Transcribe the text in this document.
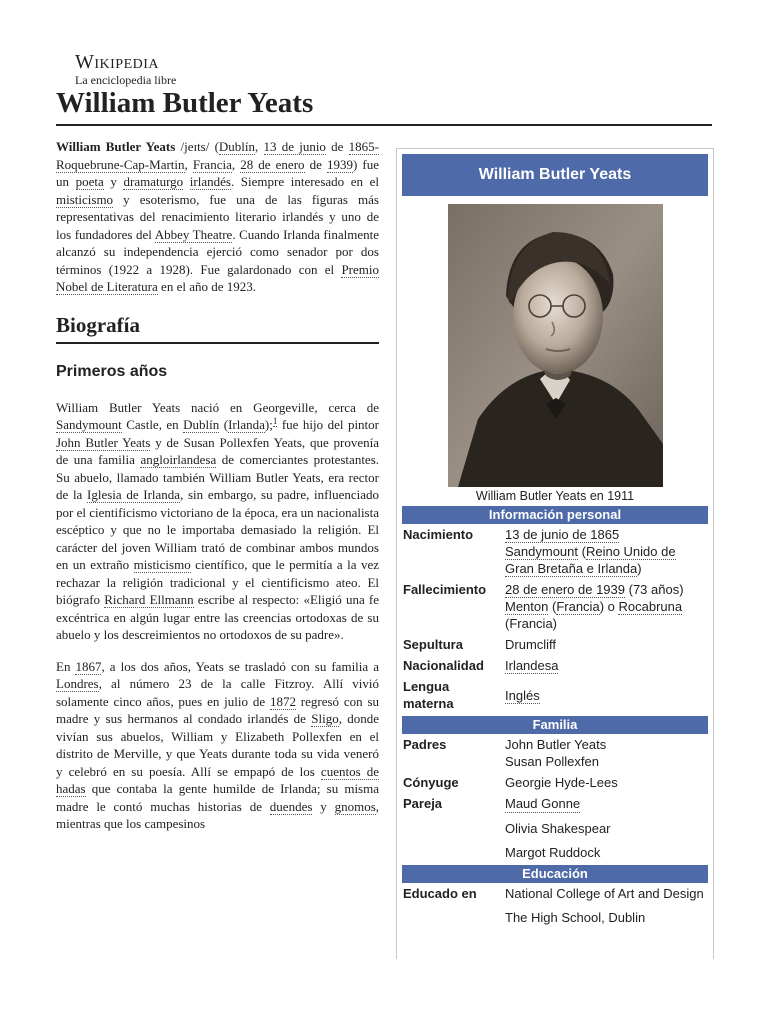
Wikipedia
La enciclopedia libre
William Butler Yeats

William Butler Yeats /jeɪts/ (Dublín, 13 de junio de 1865-Roquebrune-Cap-Martin, Francia, 28 de enero de 1939) fue un poeta y dramaturgo irlandés. Siempre interesado en el misticismo y esoterismo, fue una de las figuras más representativas del renacimiento literario irlandés y uno de los fundadores del Abbey Theatre. Cuando Irlanda finalmente alcanzó su independencia ejerció como senador por dos términos (1922 a 1928). Fue galardonado con el Premio Nobel de Literatura en el año de 1923.

Biografía
Primeros años

William Butler Yeats nació en Georgeville, cerca de Sandymount Castle, en Dublín (Irlanda);$^1$ fue hijo del pintor John Butler Yeats y de Susan Pollexfen Yeats, que provenía de una familia angloirlandesa de comerciantes protestantes. Su abuelo, llamado también William Butler Yeats, era rector de la Iglesia de Irlanda, sin embargo, su padre, influenciado por el cientificismo victoriano de la época, era un nacionalista escéptico y que no le importaba demasiado la religión. El carácter del joven William trató de combinar ambos mundos en un extraño misticismo científico, que le permitía a la vez rechazar la religión tradicional y el cientificismo ateo. El biógrafo Richard Ellmann escribe al respecto: «Eligió una fe excéntrica en algún lugar entre las creencias ortodoxas de su abuelo y los descreimientos no ortodoxos de su padre».

En 1867, a los dos años, Yeats se trasladó con su familia a Londres, al número 23 de la calle Fitzroy. Allí vivió solamente cinco años, pues en julio de 1872 regresó con su madre y sus hermanos al condado irlandés de Sligo, donde vivían sus abuelos, William y Elizabeth Pollexfen en el distrito de Merville, y que Yeats durante toda su vida veneró y celebró en su poesía. Allí se empapó de los cuentos de hadas que contaba la gente humilde de Irlanda; su misma madre le contó muchas historias de duendes y gnomos, mientras que los campesinos

William Butler Yeats
William Butler Yeats en 1911
Información personal
Nacimiento	13 de junio de 1865
Sandymount (Reino Unido de Gran Bretaña e Irlanda)
Fallecimiento	28 de enero de 1939 (73 años)
Menton (Francia) o Rocabruna (Francia)
Sepultura	Drumcliff
Nacionalidad	Irlandesa
Lengua materna	Inglés
Familia
Padres	John Butler Yeats
Susan Pollexfen

Cónyuge	Georgie Hyde-Lees
Pareja	Maud Gonne
Olivia Shakespear
Margot Ruddock
Educación
Educado en	National College of Art and Design
The High School, Dublin
